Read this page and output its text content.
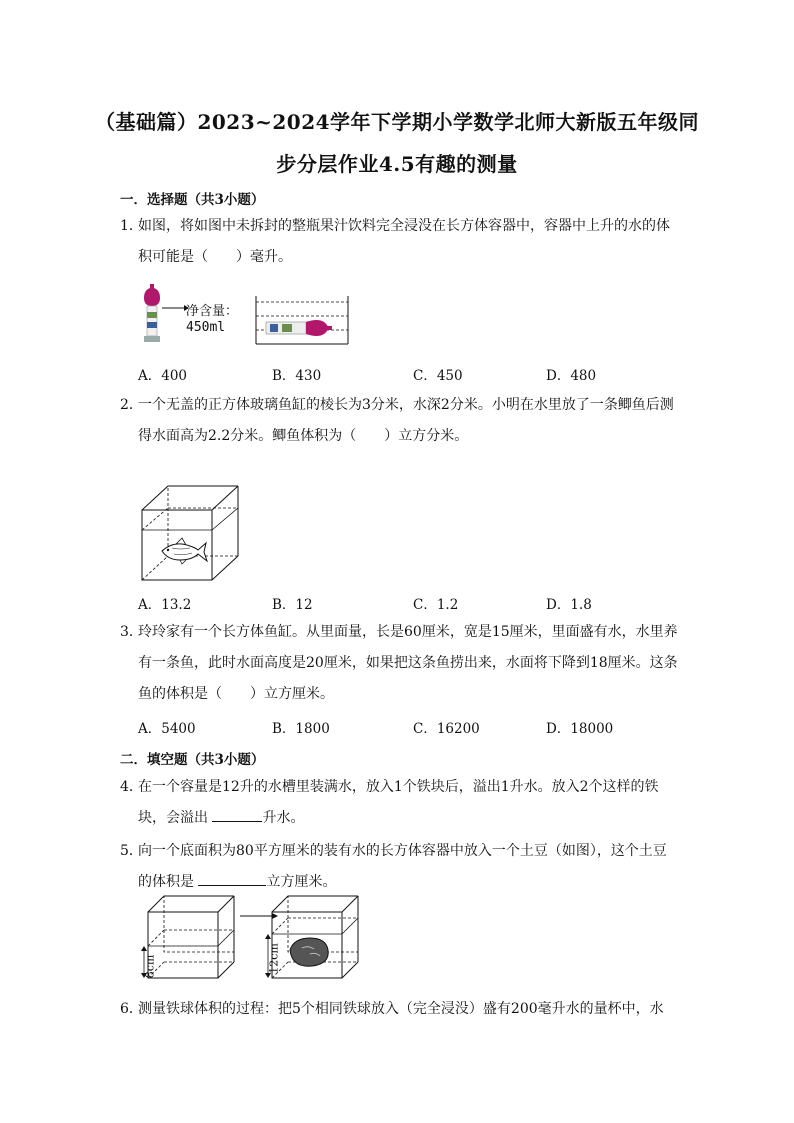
（基础篇）2023~2024学年下学期小学数学北师大新版五年级同
步分层作业4.5有趣的测量
一．选择题（共3小题）
1．
如图，将如图中未拆封的整瓶果汁饮料完全浸没在长方体容器中，容器中上升的水的体积可能是（　　）毫升。
净含量：
450ml
A．400	B．430	C．450	D．480
2．
一个无盖的正方体玻璃鱼缸的棱长为3分米，水深2分米。小明在水里放了一条鲫鱼后测得水面高为2.2分米。鲫鱼体积为（　　）立方分米。
A．13.2	B．12	C．1.2	D．1.8
3．
玲玲家有一个长方体鱼缸。从里面量，长是60厘米，宽是15厘米，里面盛有水，水里养有一条鱼，此时水面高度是20厘米，如果把这条鱼捞出来，水面将下降到18厘米。这条鱼的体积是（　　）立方厘米。
A．5400	B．1800	C．16200	D．18000
二．填空题（共3小题）
4．
在一个容量是12升的水槽里装满水，放入1个铁块后，溢出1升水。放入2个这样的铁块，会溢出	升水。
5．
向一个底面积为80平方厘米的装有水的长方体容器中放入一个土豆（如图），这个土豆的体积是	立方厘米。
8cm	12cm
6．
测量铁球体积的过程：把5个相同铁球放入（完全浸没）盛有200毫升水的量杯中，水
